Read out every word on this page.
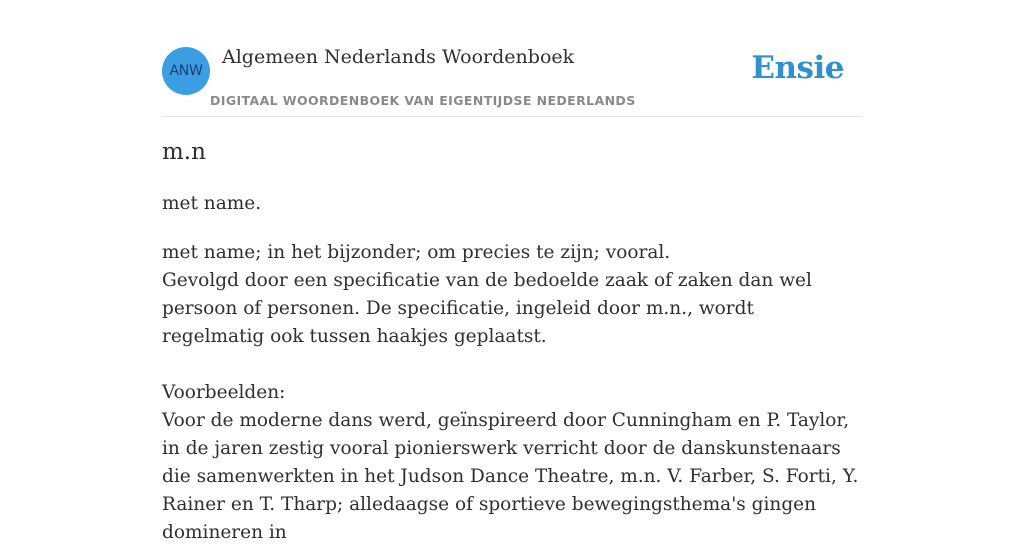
ANW
Algemeen Nederlands Woordenboek
DIGITAAL WOORDENBOEK VAN EIGENTIJDSE NEDERLANDS
Ensie
m.n
met name.

met name; in het bijzonder; om precies te zijn; vooral.

Gevolgd door een specificatie van de bedoelde zaak of zaken dan wel persoon of personen. De specificatie, ingeleid door m.n., wordt regelmatig ook tussen haakjes geplaatst.

Voorbeelden:

Voor de moderne dans werd, geïnspireerd door Cunningham en P. Taylor, in de jaren zestig vooral pionierswerk verricht door de danskunstenaars die samenwerkten in het Judson Dance Theatre, m.n. V. Farber, S. Forti, Y. Rainer en T. Tharp; alledaagse of sportieve bewegingsthema's gingen domineren in
